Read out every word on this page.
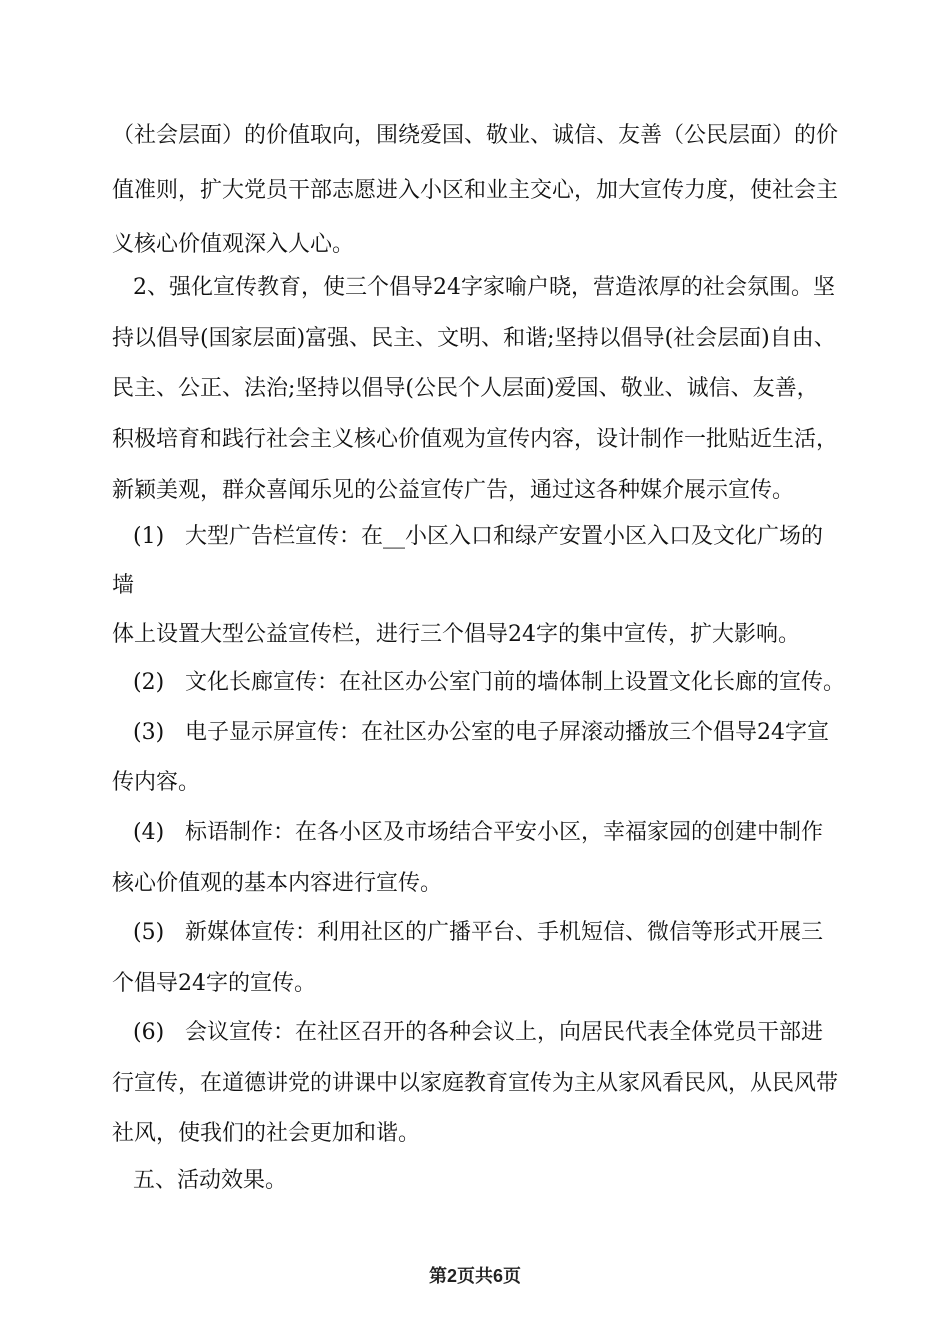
（社会层面）的价值取向，围绕爱国、敬业、诚信、友善（公民层面）的价
值准则，扩大党员干部志愿进入小区和业主交心，加大宣传力度，使社会主
义核心价值观深入人心。
2、强化宣传教育，使三个倡导24字家喻户晓，营造浓厚的社会氛围。坚
持以倡导(国家层面)富强、民主、文明、和谐;坚持以倡导(社会层面)自由、
民主、公正、法治;坚持以倡导(公民个人层面)爱国、敬业、诚信、友善，
积极培育和践行社会主义核心价值观为宣传内容，设计制作一批贴近生活，
新颖美观，群众喜闻乐见的公益宣传广告，通过这各种媒介展示宣传。
(1) 大型广告栏宣传：在__小区入口和绿产安置小区入口及文化广场的
墙
体上设置大型公益宣传栏，进行三个倡导24字的集中宣传，扩大影响。
(2) 文化长廊宣传：在社区办公室门前的墙体制上设置文化长廊的宣传。
(3) 电子显示屏宣传：在社区办公室的电子屏滚动播放三个倡导24字宣
传内容。
(4) 标语制作：在各小区及市场结合平安小区，幸福家园的创建中制作
核心价值观的基本内容进行宣传。
(5) 新媒体宣传：利用社区的广播平台、手机短信、微信等形式开展三
个倡导24字的宣传。
(6) 会议宣传：在社区召开的各种会议上，向居民代表全体党员干部进
行宣传，在道德讲党的讲课中以家庭教育宣传为主从家风看民风，从民风带
社风，使我们的社会更加和谐。
五、活动效果。
第2页共6页
